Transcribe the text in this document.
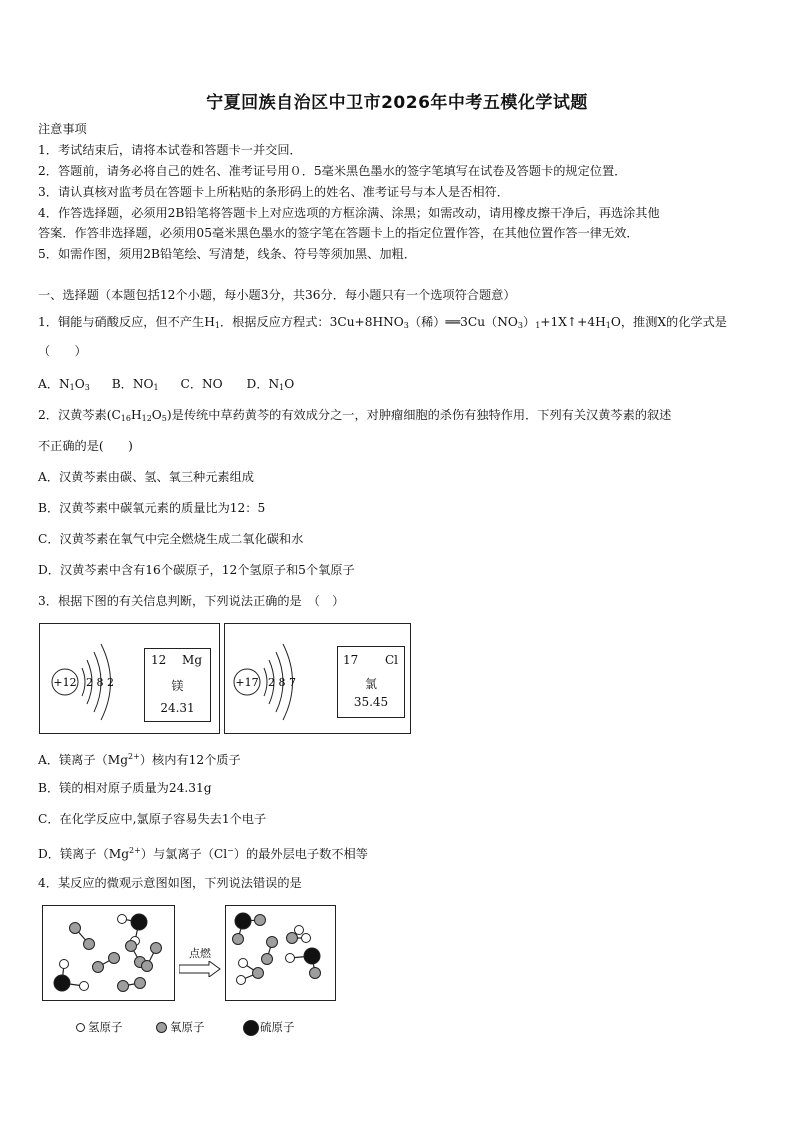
宁夏回族自治区中卫市2026年中考五模化学试题
注意事项
1．考试结束后，请将本试卷和答题卡一并交回．
2．答题前，请务必将自己的姓名、准考证号用０．5毫米黑色墨水的签字笔填写在试卷及答题卡的规定位置．
3．请认真核对监考员在答题卡上所粘贴的条形码上的姓名、准考证号与本人是否相符．
4．作答选择题，必须用2B铅笔将答题卡上对应选项的方框涂满、涂黑；如需改动，请用橡皮擦干净后，再选涂其他
答案．作答非选择题，必须用05毫米黑色墨水的签字笔在答题卡上的指定位置作答，在其他位置作答一律无效．
5．如需作图，须用2B铅笔绘、写清楚，线条、符号等须加黑、加粗．
一、选择题（本题包括12个小题，每小题3分，共36分．每小题只有一个选项符合题意）
1．铜能与硝酸反应，但不产生$H_1$．根据反应方程式：$3Cu+8HNO_3$（稀）$══3Cu(NO_3)_1+1X↑+4H_1O$，推测X的化学式是
（　　）
A．$N_1O_3$ B．$NO_1$ C．NO D．$N_1O$
2．汉黄芩素$(C_{16}H_{12}O_5)$是传统中草药黄芩的有效成分之一，对肿瘤细胞的杀伤有独特作用．下列有关汉黄芩素的叙述
不正确的是(　　)
A．汉黄芩素由碳、氢、氧三种元素组成
B．汉黄芩素中碳氧元素的质量比为12：5
C．汉黄芩素在氧气中完全燃烧生成二氧化碳和水
D．汉黄芩素中含有16个碳原子，12个氢原子和5个氧原子
3．根据下图的有关信息判断，下列说法正确的是　（　）
+12 2 8 2
12 Mg
镁
24.31
+17 2 8 7
17 Cl
氯
35.45
A．镁离子$(Mg^{2+})$核内有12个质子
B．镁的相对原子质量为24.31g
C．在化学反应中,氯原子容易失去1个电子
D．镁离子$(Mg^{2+})$与氯离子（Cl−）的最外层电子数不相等
4．某反应的微观示意图如图，下列说法错误的是
点燃
氢原子	氧原子	硫原子
